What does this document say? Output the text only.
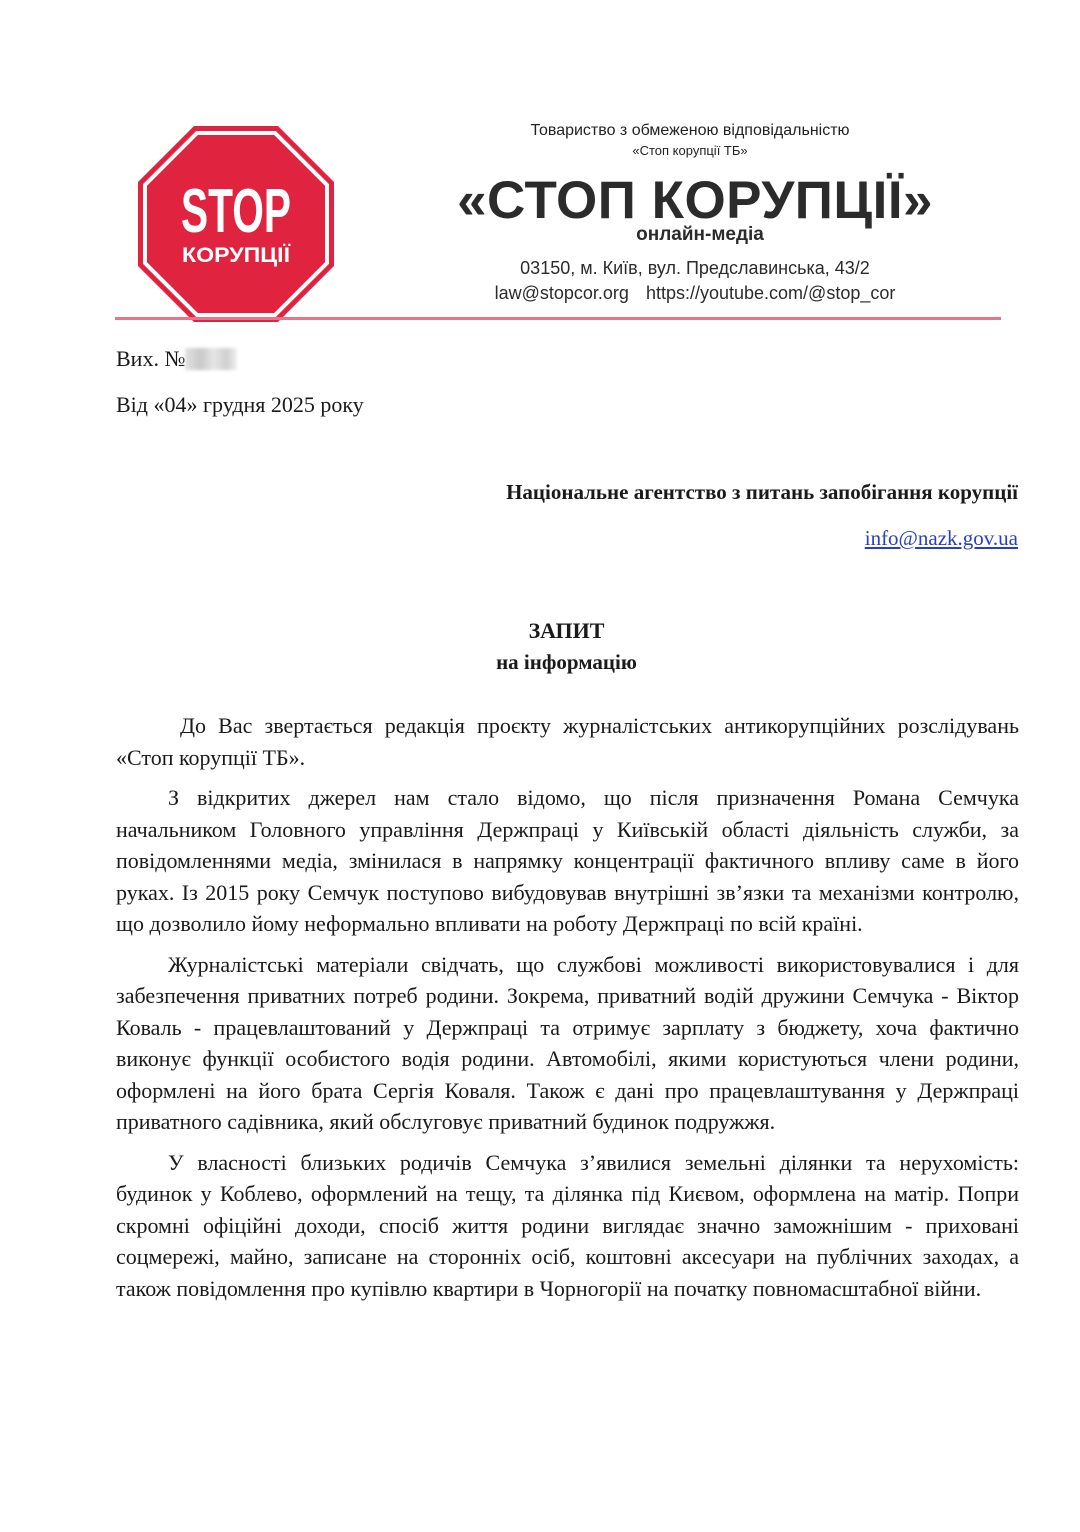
STOP
КОРУПЦІЇ
Товариство з обмеженою відповідальністю
«Стоп корупції ТБ»
«СТОП КОРУПЦІЇ»
онлайн-медіа
03150, м. Київ, вул. Предславинська, 43/2
law@stopcor.org https://youtube.com/@stop_cor
Вих. №
Від «04» грудня 2025 року
Національне агентство з питань запобігання корупції
info@nazk.gov.ua
ЗАПИТ
на інформацію

До Вас звертається редакція проєкту журналістських антикорупційних розслідувань «Стоп корупції ТБ».

З відкритих джерел нам стало відомо, що після призначення Романа Семчука начальником Головного управління Держпраці у Київській області діяльність служби, за повідомленнями медіа, змінилася в напрямку концентрації фактичного впливу саме в його руках. Із 2015 року Семчук поступово вибудовував внутрішні зв’язки та механізми контролю, що дозволило йому неформально впливати на роботу Держпраці по всій країні.

Журналістські матеріали свідчать, що службові можливості використовувалися і для забезпечення приватних потреб родини. Зокрема, приватний водій дружини Семчука - Віктор Коваль - працевлаштований у Держпраці та отримує зарплату з бюджету, хоча фактично виконує функції особистого водія родини. Автомобілі, якими користуються члени родини, оформлені на його брата Сергія Коваля. Також є дані про працевлаштування у Держпраці приватного садівника, який обслуговує приватний будинок подружжя.

У власності близьких родичів Семчука з’явилися земельні ділянки та нерухомість: будинок у Коблево, оформлений на тещу, та ділянка під Києвом, оформлена на матір. Попри скромні офіційні доходи, спосіб життя родини виглядає значно заможнішим - приховані соцмережі, майно, записане на сторонніх осіб, коштовні аксесуари на публічних заходах, а також повідомлення про купівлю квартири в Чорногорії на початку повномасштабної війни.
